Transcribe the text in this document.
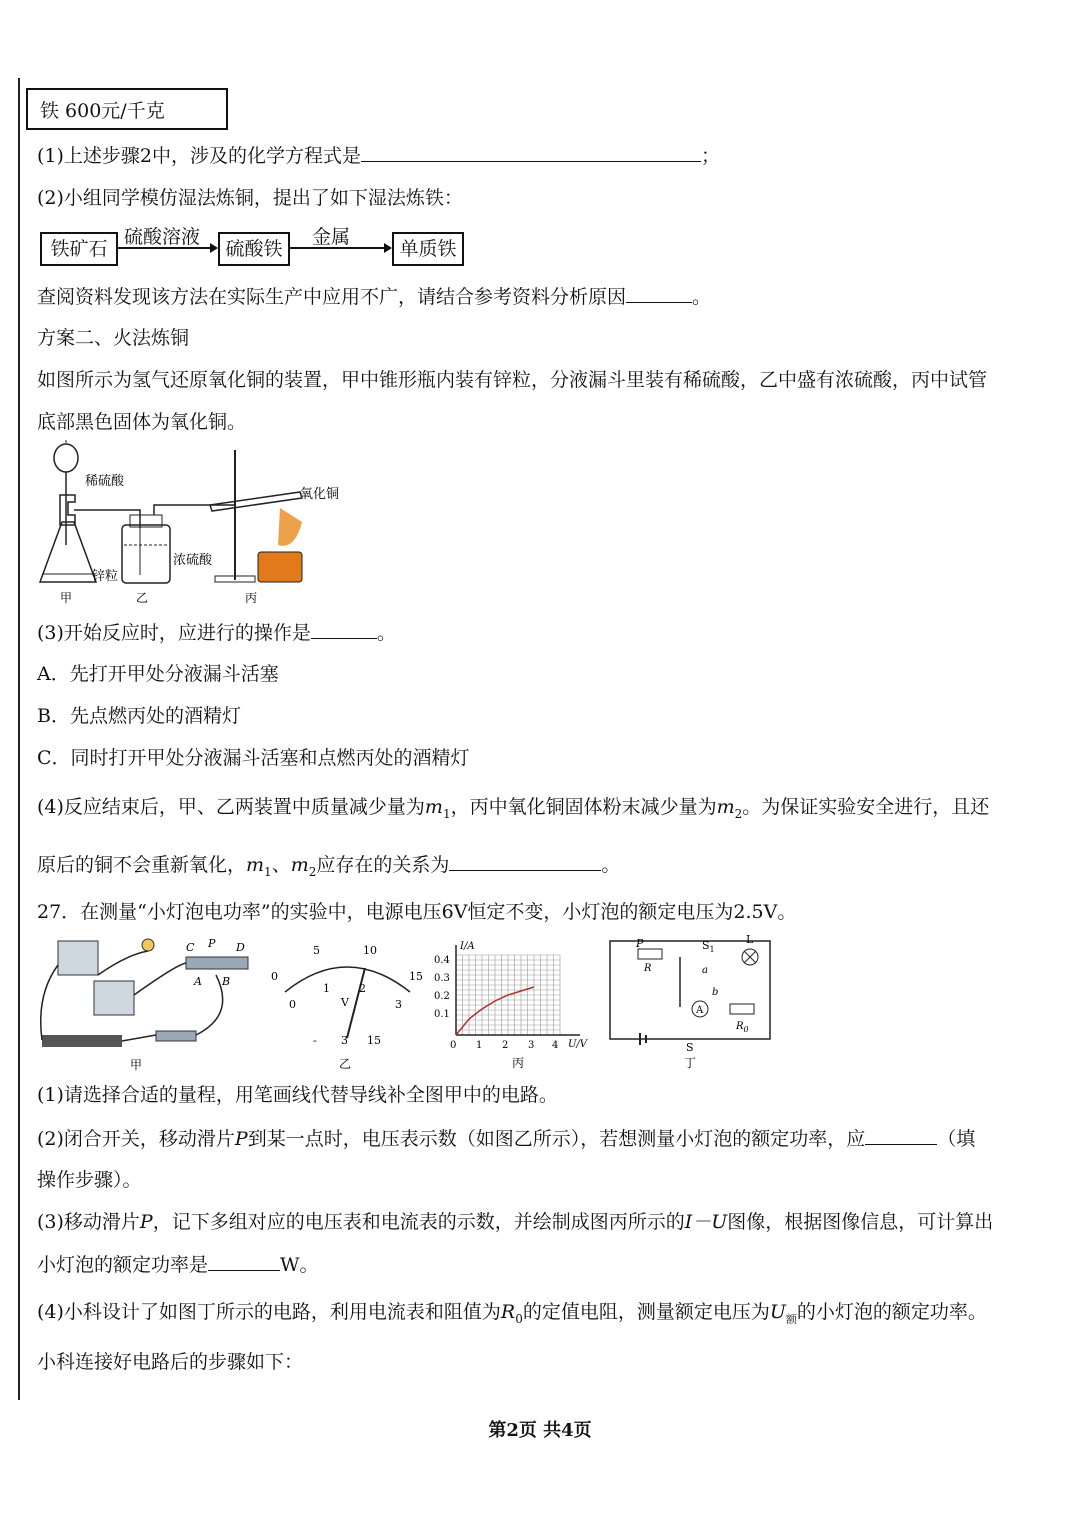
铁 600元/千克
(1)上述步骤2中，涉及的化学方程式是	；
(2)小组同学模仿湿法炼铜，提出了如下湿法炼铁：
铁矿石
硫酸溶液
硫酸铁
金属
单质铁
查阅资料发现该方法在实际生产中应用不广，请结合参考资料分析原因	。
方案二、火法炼铜
如图所示为氢气还原氧化铜的装置，甲中锥形瓶内装有锌粒，分液漏斗里装有稀硫酸，乙中盛有浓硫酸，丙中试管
底部黑色固体为氧化铜。
稀硫酸
锌粒
浓硫酸
氧化铜
甲	乙	丙
(3)开始反应时，应进行的操作是	。
A．先打开甲处分液漏斗活塞
B．先点燃丙处的酒精灯
C．同时打开甲处分液漏斗活塞和点燃丙处的酒精灯
(4)反应结束后，甲、乙两装置中质量减少量为$m_1$，丙中氧化铜固体粉末减少量为$m_2$。为保证实验安全进行，且还
原后的铜不会重新氧化，$m_1$、$m_2$应存在的关系为	。
27．在测量“小灯泡电功率”的实验中，电源电压6V恒定不变，小灯泡的额定电压为2.5V。
C P D
A B
甲
0
5	10
15
0
1	2
3
V
- 3 15
乙
I/A
U/V
0.4
0.3
0.2
0.1
0 1 2 3 4
丙
P
R
$S_1$
L
a
b
A
$R_0$
S
丁
(1)请选择合适的量程，用笔画线代替导线补全图甲中的电路。
(2)闭合开关，移动滑片P到某一点时，电压表示数（如图乙所示），若想测量小灯泡的额定功率，应	（填
操作步骤）。
(3)移动滑片P，记下多组对应的电压表和电流表的示数，并绘制成图丙所示的I－U图像，根据图像信息，可计算出
小灯泡的额定功率是	W。
(4)小科设计了如图丁所示的电路，利用电流表和阻值为$R_0$的定值电阻，测量额定电压为$U_额$的小灯泡的额定功率。
小科连接好电路后的步骤如下：
第2页 共4页
